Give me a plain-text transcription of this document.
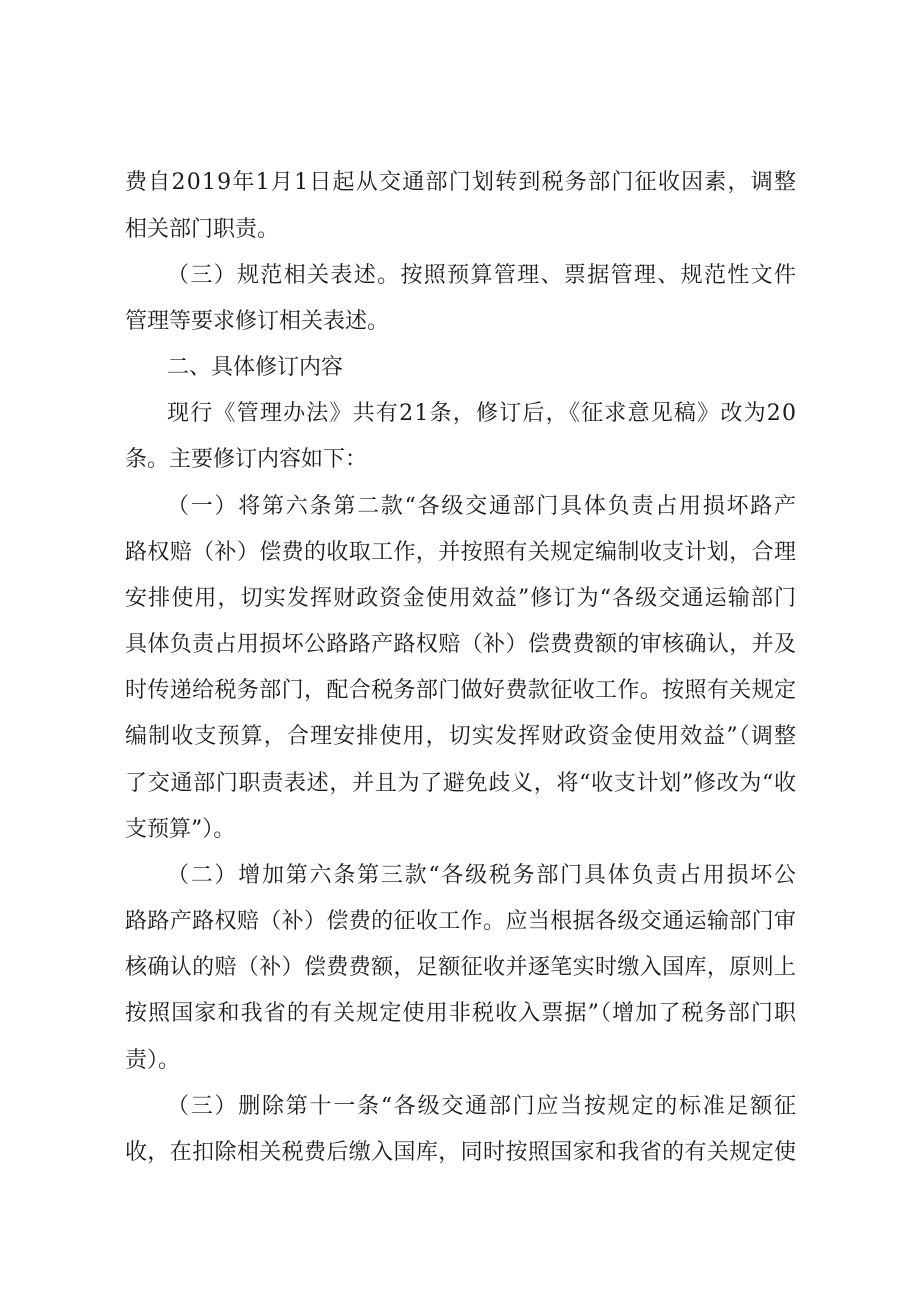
费自2019年1月1日起从交通部门划转到税务部门征收因素，调整
相关部门职责。
（三）规范相关表述。按照预算管理、票据管理、规范性文件
管理等要求修订相关表述。
二、具体修订内容
现行《管理办法》共有21条，修订后，《征求意见稿》改为20
条。主要修订内容如下：
（一）将第六条第二款“各级交通部门具体负责占用损坏路产
路权赔（补）偿费的收取工作，并按照有关规定编制收支计划，合理
安排使用，切实发挥财政资金使用效益”修订为“各级交通运输部门
具体负责占用损坏公路路产路权赔（补）偿费费额的审核确认，并及
时传递给税务部门，配合税务部门做好费款征收工作。按照有关规定
编制收支预算，合理安排使用，切实发挥财政资金使用效益”（调整
了交通部门职责表述，并且为了避免歧义，将“收支计划”修改为“收
支预算”）。
（二）增加第六条第三款“各级税务部门具体负责占用损坏公
路路产路权赔（补）偿费的征收工作。应当根据各级交通运输部门审
核确认的赔（补）偿费费额，足额征收并逐笔实时缴入国库，原则上
按照国家和我省的有关规定使用非税收入票据”（增加了税务部门职
责）。
（三）删除第十一条“各级交通部门应当按规定的标准足额征
收，在扣除相关税费后缴入国库，同时按照国家和我省的有关规定使
